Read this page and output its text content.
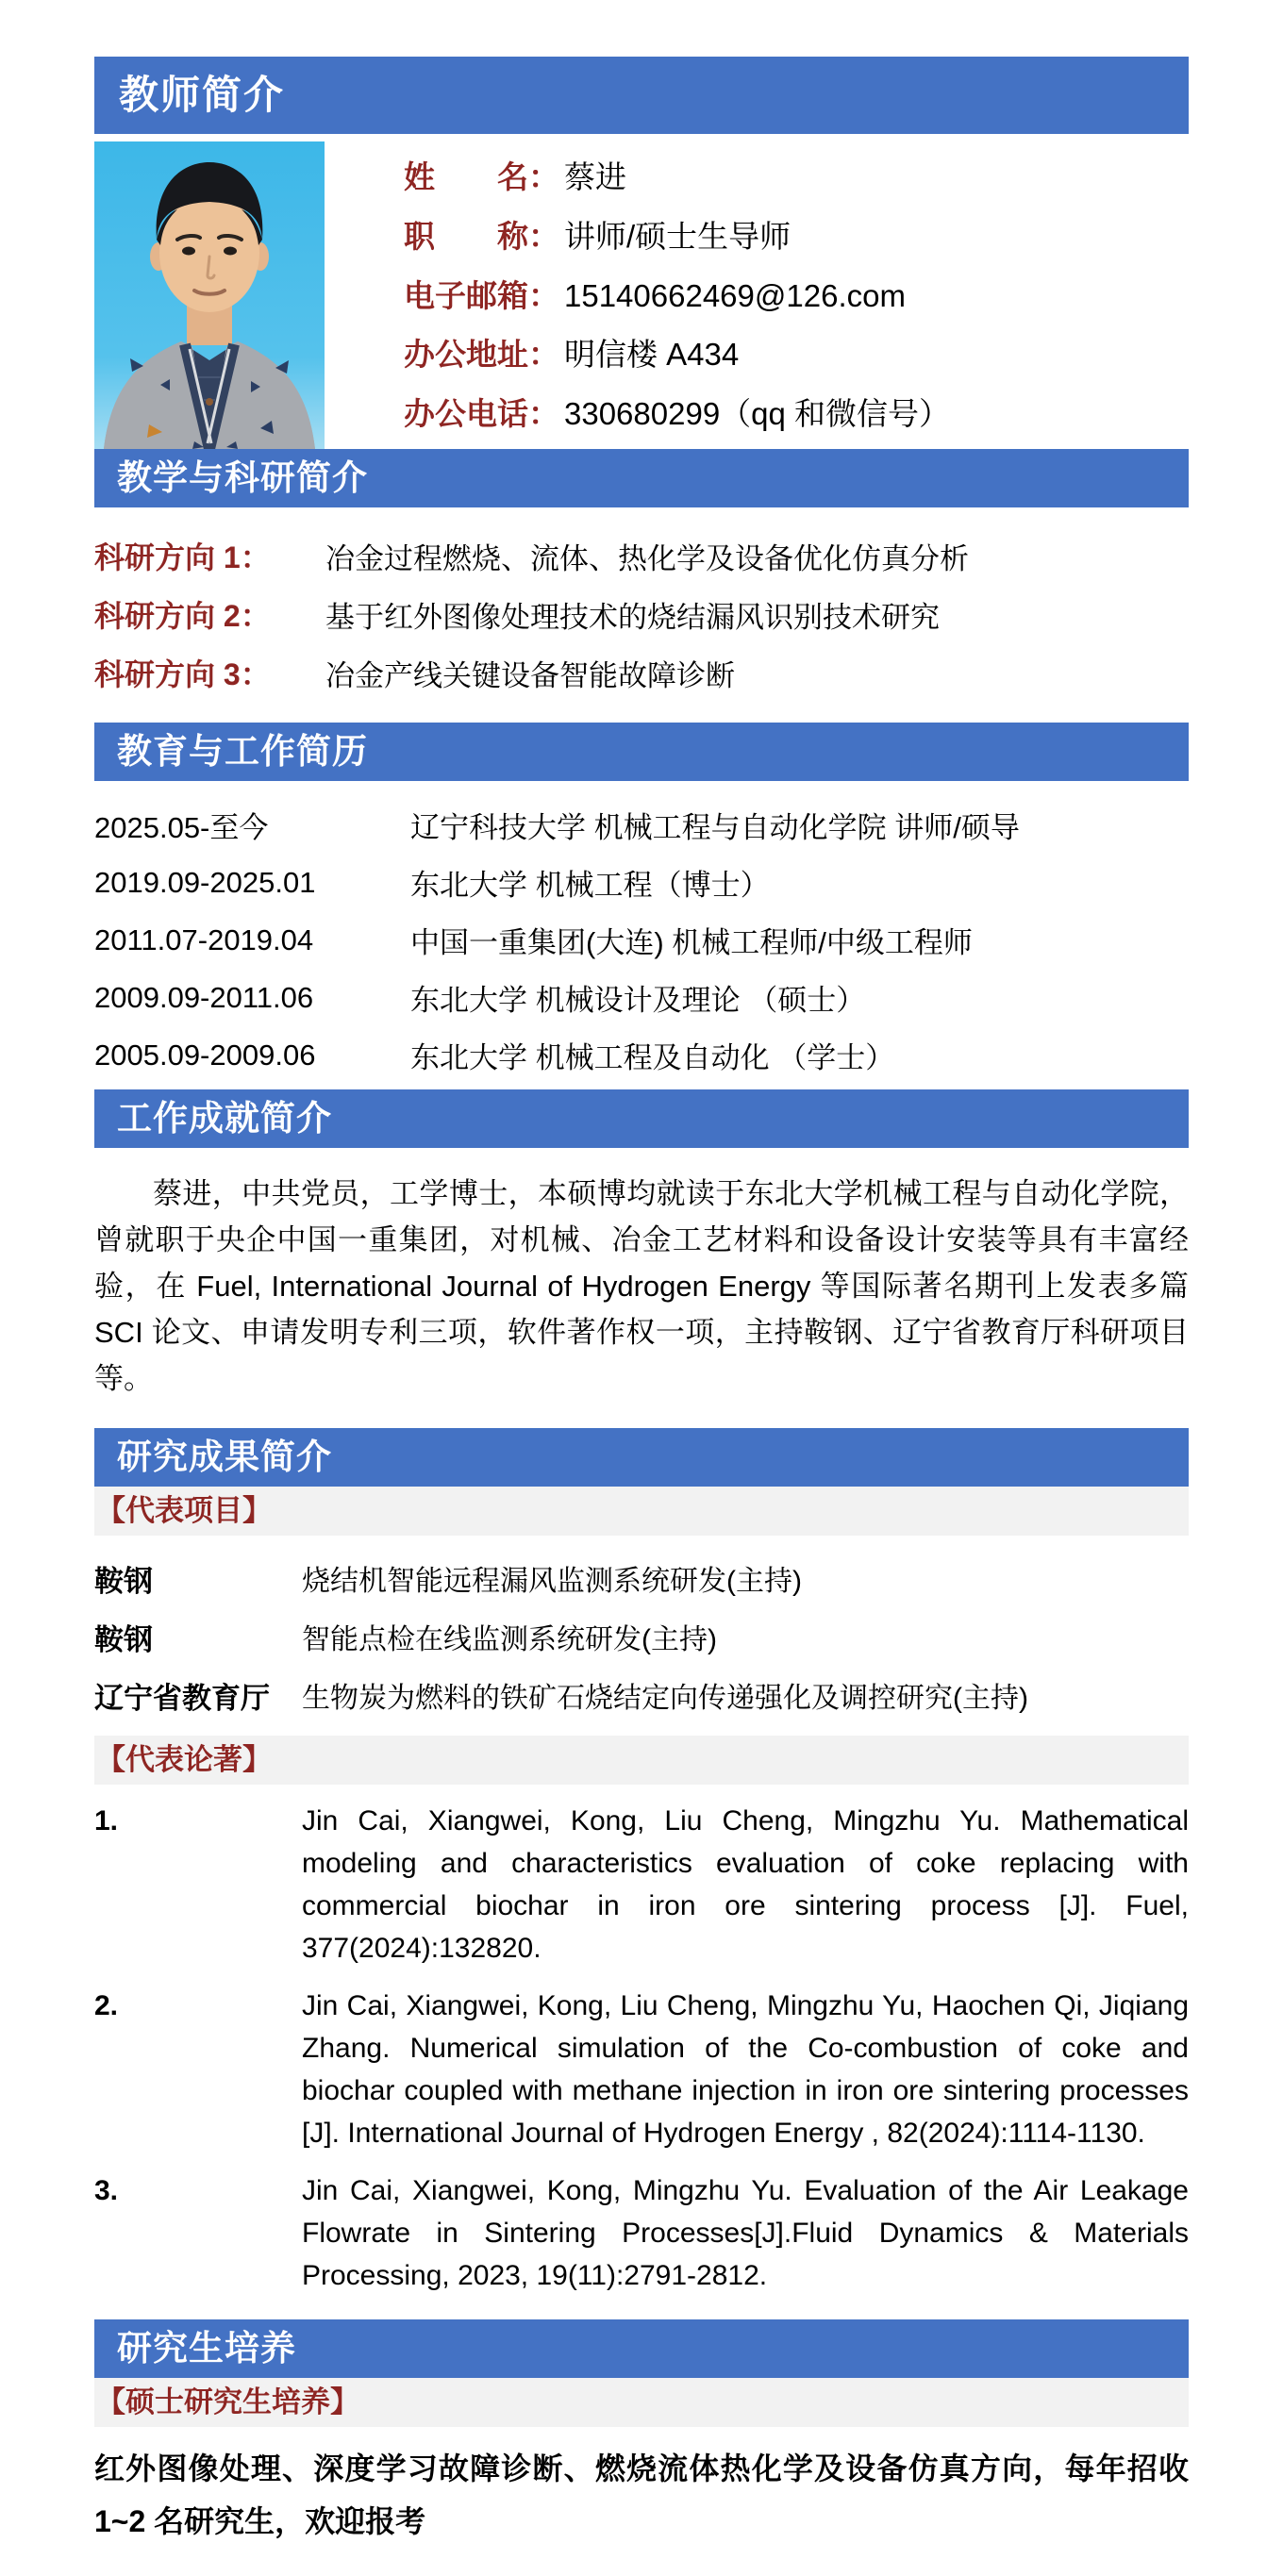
教师简介
姓　　名： 蔡进
职　　称： 讲师/硕士生导师
电子邮箱： 15140662469@126.com
办公地址： 明信楼 A434
办公电话： 330680299（qq 和微信号）
教学与科研简介
科研方向 1：	冶金过程燃烧、流体、热化学及设备优化仿真分析
科研方向 2：	基于红外图像处理技术的烧结漏风识别技术研究
科研方向 3：	冶金产线关键设备智能故障诊断
教育与工作简历
2025.05-至今	辽宁科技大学 机械工程与自动化学院 讲师/硕导
2019.09-2025.01	东北大学 机械工程（博士）
2011.07-2019.04	中国一重集团(大连) 机械工程师/中级工程师
2009.09-2011.06	东北大学 机械设计及理论 （硕士）
2005.09-2009.06	东北大学 机械工程及自动化 （学士）
工作成就简介

蔡进，中共党员，工学博士，本硕博均就读于东北大学机械工程与自动化学院，曾就职于央企中国一重集团，对机械、冶金工艺材料和设备设计安装等具有丰富经验，在 Fuel, International Journal of Hydrogen Energy 等国际著名期刊上发表多篇 SCI 论文、申请发明专利三项，软件著作权一项，主持鞍钢、辽宁省教育厅科研项目等。

研究成果简介
【代表项目】
鞍钢	烧结机智能远程漏风监测系统研发(主持)
鞍钢	智能点检在线监测系统研发(主持)
辽宁省教育厅	生物炭为燃料的铁矿石烧结定向传递强化及调控研究(主持)
【代表论著】
1.	Jin Cai, Xiangwei, Kong, Liu Cheng, Mingzhu Yu. Mathematical modeling and characteristics evaluation of coke replacing with commercial biochar in iron ore sintering process [J]. Fuel, 377(2024):132820.
2.	Jin Cai, Xiangwei, Kong, Liu Cheng, Mingzhu Yu, Haochen Qi, Jiqiang Zhang. Numerical simulation of the Co-combustion of coke and biochar coupled with methane injection in iron ore sintering processes [J]. International Journal of Hydrogen Energy , 82(2024):1114-1130.
3.	Jin Cai, Xiangwei, Kong, Mingzhu Yu. Evaluation of the Air Leakage Flowrate in Sintering Processes[J].Fluid Dynamics & Materials Processing, 2023, 19(11):2791-2812.
研究生培养
【硕士研究生培养】
红外图像处理、深度学习故障诊断、燃烧流体热化学及设备仿真方向，每年招收 1~2 名研究生，欢迎报考
